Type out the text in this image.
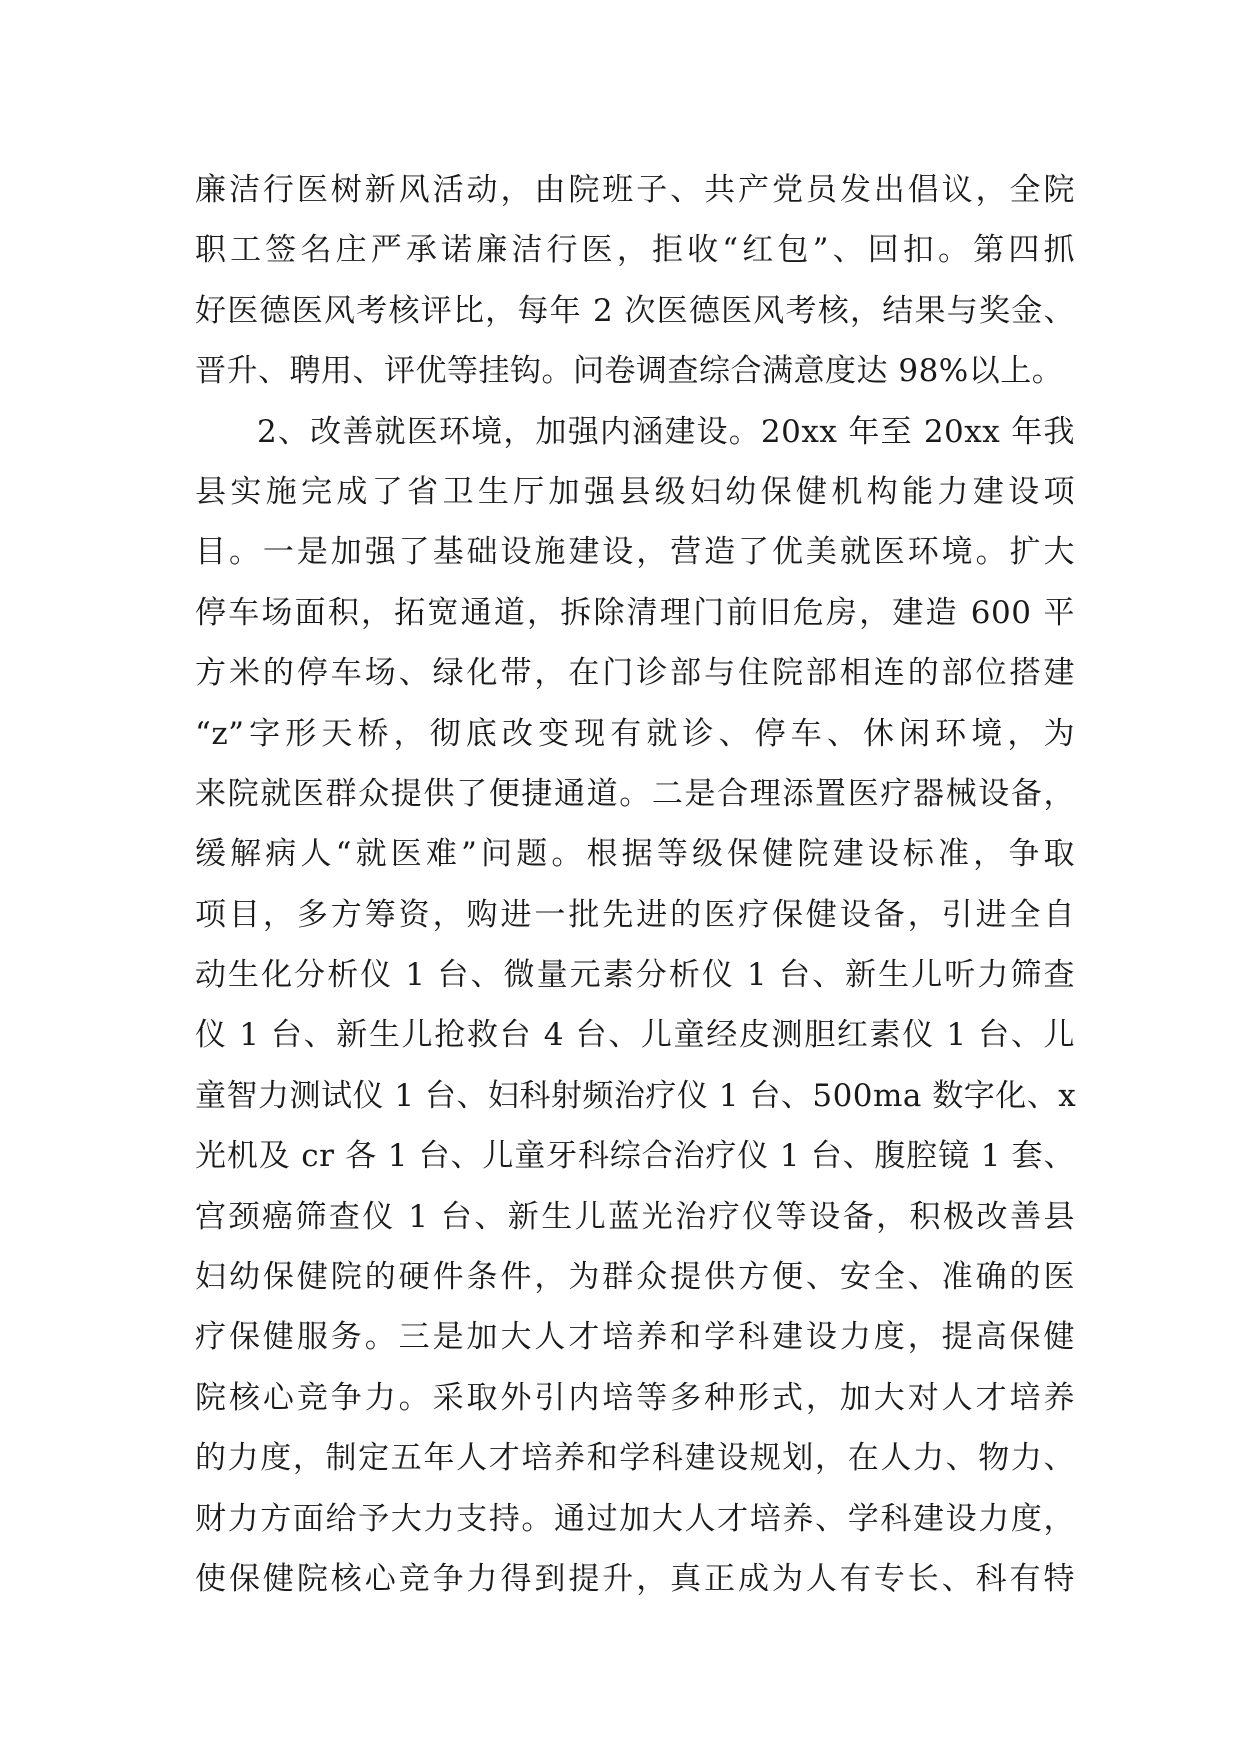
廉洁行医树新风活动，由院班子、共产党员发出倡议，全院
职工签名庄严承诺廉洁行医，拒收“红包”、回扣。第四抓
好医德医风考核评比，每年 2 次医德医风考核，结果与奖金、
晋升、聘用、评优等挂钩。问卷调查综合满意度达 98%以上。
2、改善就医环境，加强内涵建设。20xx 年至 20xx 年我
县实施完成了省卫生厅加强县级妇幼保健机构能力建设项
目。一是加强了基础设施建设，营造了优美就医环境。扩大
停车场面积，拓宽通道，拆除清理门前旧危房，建造 600 平
方米的停车场、绿化带，在门诊部与住院部相连的部位搭建
“z”字形天桥，彻底改变现有就诊、停车、休闲环境，为
来院就医群众提供了便捷通道。二是合理添置医疗器械设备，
缓解病人“就医难”问题。根据等级保健院建设标准，争取
项目，多方筹资，购进一批先进的医疗保健设备，引进全自
动生化分析仪 1 台、微量元素分析仪 1 台、新生儿听力筛查
仪 1 台、新生儿抢救台 4 台、儿童经皮测胆红素仪 1 台、儿
童智力测试仪 1 台、妇科射频治疗仪 1 台、500ma 数字化、x
光机及 cr 各 1 台、儿童牙科综合治疗仪 1 台、腹腔镜 1 套、
宫颈癌筛查仪 1 台、新生儿蓝光治疗仪等设备，积极改善县
妇幼保健院的硬件条件，为群众提供方便、安全、准确的医
疗保健服务。三是加大人才培养和学科建设力度，提高保健
院核心竞争力。采取外引内培等多种形式，加大对人才培养
的力度，制定五年人才培养和学科建设规划，在人力、物力、
财力方面给予大力支持。通过加大人才培养、学科建设力度，
使保健院核心竞争力得到提升，真正成为人有专长、科有特
